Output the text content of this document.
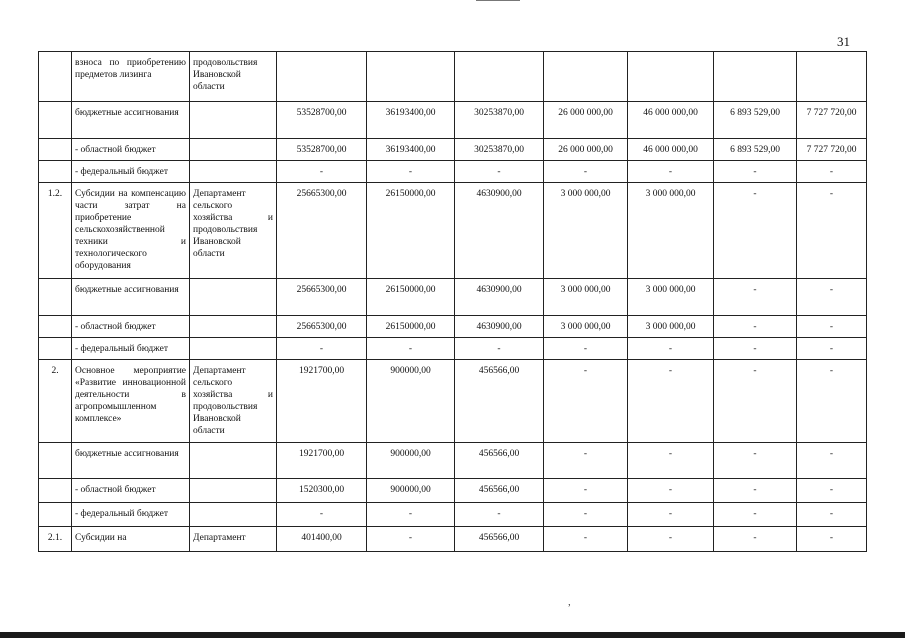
31
	взноса по приобретению предметов лизинга	продовольствия Ивановской области							
	бюджетные ассигнования		53528700,00	36193400,00	30253870,00	26 000 000,00	46 000 000,00	6 893 529,00	7 727 720,00
	- областной бюджет		53528700,00	36193400,00	30253870,00	26 000 000,00	46 000 000,00	6 893 529,00	7 727 720,00
	- федеральный бюджет		-	-	-	-	-	-	-
1.2.	Субсидии на компенсацию части затрат на приобретение сельскохозяйственной техники и технологического оборудования	Департамент сельского хозяйства и продовольствия Ивановской области	25665300,00	26150000,00	4630900,00	3 000 000,00	3 000 000,00	-	-
	бюджетные ассигнования		25665300,00	26150000,00	4630900,00	3 000 000,00	3 000 000,00	-	-
	- областной бюджет		25665300,00	26150000,00	4630900,00	3 000 000,00	3 000 000,00	-	-
	- федеральный бюджет		-	-	-	-	-	-	-
2.	Основное мероприятие «Развитие инновационной деятельности в агропромышленном комплексе»	Департамент сельского хозяйства и продовольствия Ивановской области	1921700,00	900000,00	456566,00	-	-	-	-
	бюджетные ассигнования		1921700,00	900000,00	456566,00	-	-	-	-
	- областной бюджет		1520300,00	900000,00	456566,00	-	-	-	-
	- федеральный бюджет		-	-	-	-	-	-	-
2.1.	Субсидии на	Департамент	401400,00	-	456566,00	-	-	-	-
,
